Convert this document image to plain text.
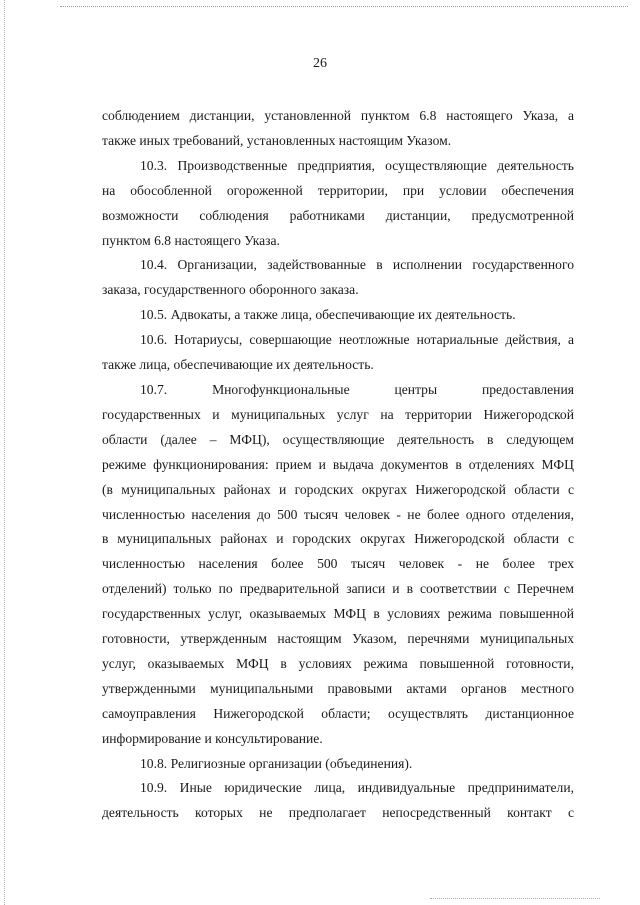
26

соблюдением дистанции, установленной пунктом 6.8 настоящего Указа, а
также иных требований, установленных настоящим Указом.

10.3. Производственные предприятия, осуществляющие деятельность
на обособленной огороженной территории, при условии обеспечения
возможности соблюдения работниками дистанции, предусмотренной
пунктом 6.8 настоящего Указа.

10.4. Организации, задействованные в исполнении государственного
заказа, государственного оборонного заказа.

10.5. Адвокаты, а также лица, обеспечивающие их деятельность.

10.6. Нотариусы, совершающие неотложные нотариальные действия, а
также лица, обеспечивающие их деятельность.

10.7. Многофункциональные центры предоставления
государственных и муниципальных услуг на территории Нижегородской
области (далее – МФЦ), осуществляющие деятельность в следующем
режиме функционирования: прием и выдача документов в отделениях МФЦ
(в муниципальных районах и городских округах Нижегородской области с
численностью населения до 500 тысяч человек - не более одного отделения,
в муниципальных районах и городских округах Нижегородской области с
численностью населения более 500 тысяч человек - не более трех
отделений) только по предварительной записи и в соответствии с Перечнем
государственных услуг, оказываемых МФЦ в условиях режима повышенной
готовности, утвержденным настоящим Указом, перечнями муниципальных
услуг, оказываемых МФЦ в условиях режима повышенной готовности,
утвержденными муниципальными правовыми актами органов местного
самоуправления Нижегородской области; осуществлять дистанционное
информирование и консультирование.

10.8. Религиозные организации (объединения).

10.9. Иные юридические лица, индивидуальные предприниматели,
деятельность которых не предполагает непосредственный контакт с
